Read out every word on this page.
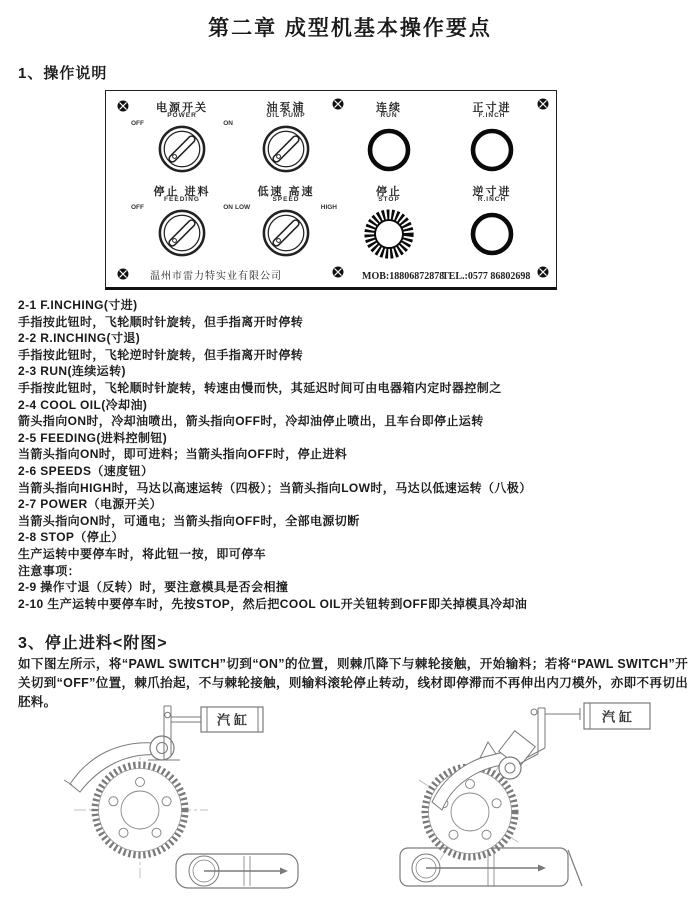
第二章 成型机基本操作要点
1、操作说明
电源开关
POWER
OFF	ON
油泵浦
OIL PUMP
连续
RUN
正寸进
F.INCH
停止 进料
FEEDING
OFF	ON
低速 高速
SPEED
LOW	HIGH
停止
STOP
逆寸进
R.INCH
温州市雷力特实业有限公司	MOB:18806872878
TEL.:0577 86802698
2-1 F.INCHING(寸进)
手指按此钮时，飞轮顺时针旋转，但手指离开时停转
2-2 R.INCHING(寸退)
手指按此钮时，飞轮逆时针旋转，但手指离开时停转
2-3 RUN(连续运转)
手指按此钮时，飞轮顺时针旋转，转速由慢而快，其延迟时间可由电器箱内定时器控制之
2-4 COOL OIL(冷却油)
箭头指向ON时，冷却油喷出，箭头指向OFF时，冷却油停止喷出，且车台即停止运转
2-5 FEEDING(进料控制钮)
当箭头指向ON时，即可进料；当箭头指向OFF时，停止进料
2-6 SPEEDS（速度钮）
当箭头指向HIGH时，马达以高速运转（四极）；当箭头指向LOW时，马达以低速运转（八极）
2-7 POWER（电源开关）
当箭头指向ON时，可通电；当箭头指向OFF时，全部电源切断
2-8 STOP（停止）
生产运转中要停车时，将此钮一按，即可停车
注意事项：
2-9 操作寸退（反转）时，要注意模具是否会相撞
2-10 生产运转中要停车时，先按STOP，然后把COOL OIL开关钮转到OFF即关掉模具冷却油
3、停止进料<附图>
如下图左所示，将“PAWL SWITCH”切到“ON”的位置，则棘爪降下与棘轮接触，开始输料；若将“PAWL SWITCH”开关切到“OFF”位置，棘爪抬起，不与棘轮接触，则输料滚轮停止转动，线材即停滞而不再伸出内刀模外，亦即不再切出胚料。
汽缸	汽缸
